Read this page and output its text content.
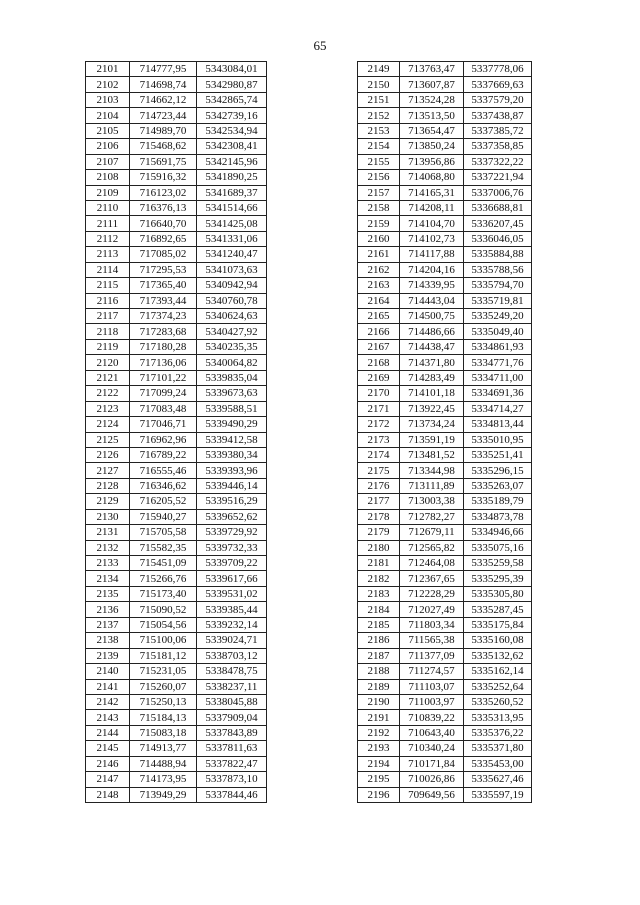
65
2101	714777,95	5343084,01
2102	714698,74	5342980,87
2103	714662,12	5342865,74
2104	714723,44	5342739,16
2105	714989,70	5342534,94
2106	715468,62	5342308,41
2107	715691,75	5342145,96
2108	715916,32	5341890,25
2109	716123,02	5341689,37
2110	716376,13	5341514,66
2111	716640,70	5341425,08
2112	716892,65	5341331,06
2113	717085,02	5341240,47
2114	717295,53	5341073,63
2115	717365,40	5340942,94
2116	717393,44	5340760,78
2117	717374,23	5340624,63
2118	717283,68	5340427,92
2119	717180,28	5340235,35
2120	717136,06	5340064,82
2121	717101,22	5339835,04
2122	717099,24	5339673,63
2123	717083,48	5339588,51
2124	717046,71	5339490,29
2125	716962,96	5339412,58
2126	716789,22	5339380,34
2127	716555,46	5339393,96
2128	716346,62	5339446,14
2129	716205,52	5339516,29
2130	715940,27	5339652,62
2131	715705,58	5339729,92
2132	715582,35	5339732,33
2133	715451,09	5339709,22
2134	715266,76	5339617,66
2135	715173,40	5339531,02
2136	715090,52	5339385,44
2137	715054,56	5339232,14
2138	715100,06	5339024,71
2139	715181,12	5338703,12
2140	715231,05	5338478,75
2141	715260,07	5338237,11
2142	715250,13	5338045,88
2143	715184,13	5337909,04
2144	715083,18	5337843,89
2145	714913,77	5337811,63
2146	714488,94	5337822,47
2147	714173,95	5337873,10
2148	713949,29	5337844,46
2149	713763,47	5337778,06
2150	713607,87	5337669,63
2151	713524,28	5337579,20
2152	713513,50	5337438,87
2153	713654,47	5337385,72
2154	713850,24	5337358,85
2155	713956,86	5337322,22
2156	714068,80	5337221,94
2157	714165,31	5337006,76
2158	714208,11	5336688,81
2159	714104,70	5336207,45
2160	714102,73	5336046,05
2161	714117,88	5335884,88
2162	714204,16	5335788,56
2163	714339,95	5335794,70
2164	714443,04	5335719,81
2165	714500,75	5335249,20
2166	714486,66	5335049,40
2167	714438,47	5334861,93
2168	714371,80	5334771,76
2169	714283,49	5334711,00
2170	714101,18	5334691,36
2171	713922,45	5334714,27
2172	713734,24	5334813,44
2173	713591,19	5335010,95
2174	713481,52	5335251,41
2175	713344,98	5335296,15
2176	713111,89	5335263,07
2177	713003,38	5335189,79
2178	712782,27	5334873,78
2179	712679,11	5334946,66
2180	712565,82	5335075,16
2181	712464,08	5335259,58
2182	712367,65	5335295,39
2183	712228,29	5335305,80
2184	712027,49	5335287,45
2185	711803,34	5335175,84
2186	711565,38	5335160,08
2187	711377,09	5335132,62
2188	711274,57	5335162,14
2189	711103,07	5335252,64
2190	711003,97	5335260,52
2191	710839,22	5335313,95
2192	710643,40	5335376,22
2193	710340,24	5335371,80
2194	710171,84	5335453,00
2195	710026,86	5335627,46
2196	709649,56	5335597,19
